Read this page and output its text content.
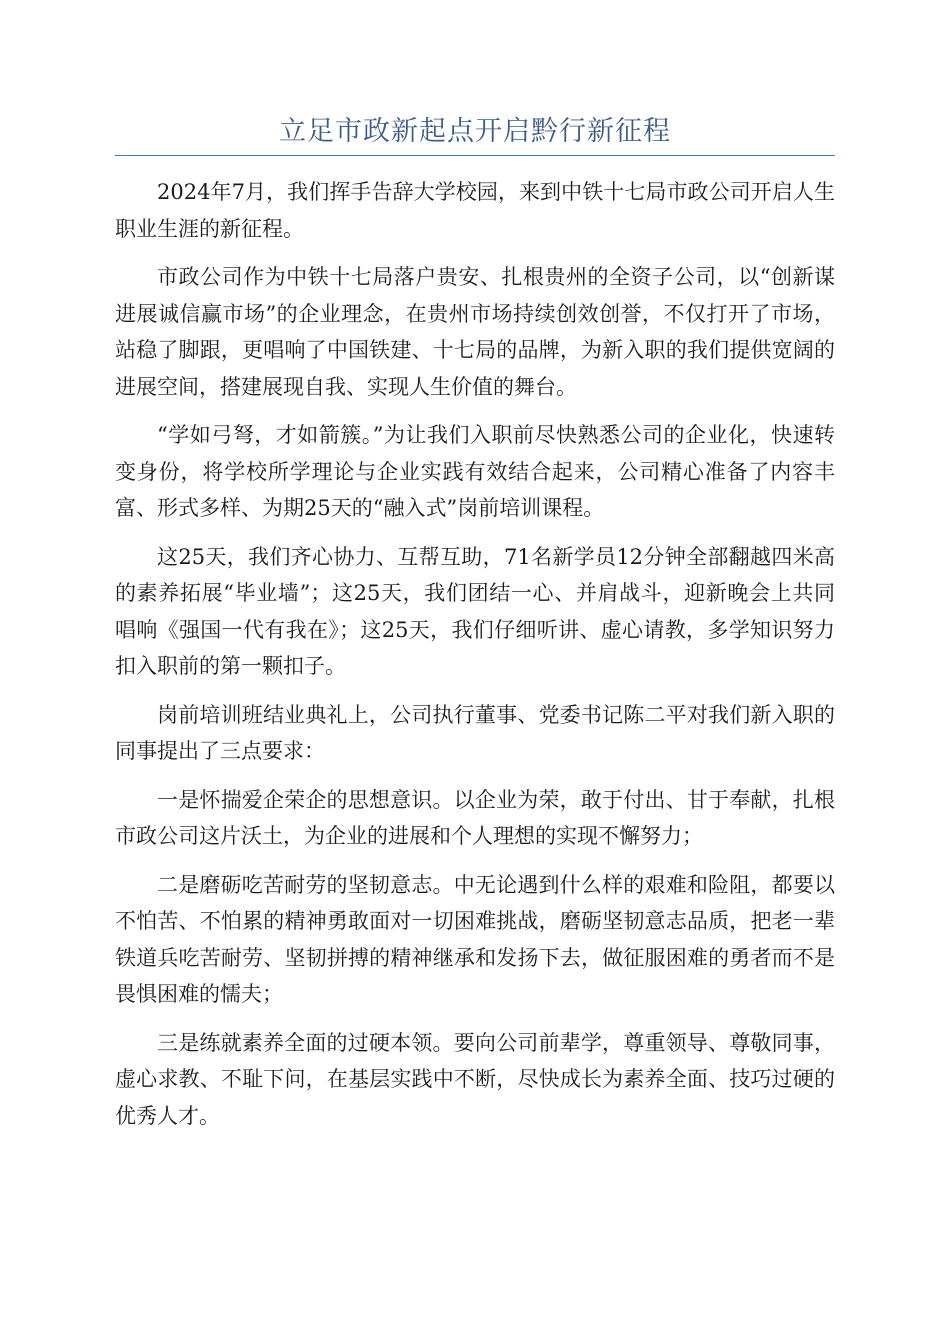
立足市政新起点开启黔行新征程

2024年7月，我们挥手告辞大学校园，来到中铁十七局市政公司开启人生职业生涯的新征程。

市政公司作为中铁十七局落户贵安、扎根贵州的全资子公司，以“创新谋进展诚信赢市场”的企业理念，在贵州市场持续创效创誉，不仅打开了市场，站稳了脚跟，更唱响了中国铁建、十七局的品牌，为新入职的我们提供宽阔的进展空间，搭建展现自我、实现人生价值的舞台。

“学如弓弩，才如箭簇。”为让我们入职前尽快熟悉公司的企业化，快速转变身份，将学校所学理论与企业实践有效结合起来，公司精心准备了内容丰富、形式多样、为期25天的“融入式”岗前培训课程。

这25天，我们齐心协力、互帮互助，71名新学员12分钟全部翻越四米高的素养拓展“毕业墙”；这25天，我们团结一心、并肩战斗，迎新晚会上共同唱响《强国一代有我在》；这25天，我们仔细听讲、虚心请教，多学知识努力扣入职前的第一颗扣子。

岗前培训班结业典礼上，公司执行董事、党委书记陈二平对我们新入职的同事提出了三点要求：

一是怀揣爱企荣企的思想意识。以企业为荣，敢于付出、甘于奉献，扎根市政公司这片沃土，为企业的进展和个人理想的实现不懈努力；

二是磨砺吃苦耐劳的坚韧意志。中无论遇到什么样的艰难和险阻，都要以不怕苦、不怕累的精神勇敢面对一切困难挑战，磨砺坚韧意志品质，把老一辈铁道兵吃苦耐劳、坚韧拼搏的精神继承和发扬下去，做征服困难的勇者而不是畏惧困难的懦夫；

三是练就素养全面的过硬本领。要向公司前辈学，尊重领导、尊敬同事，虚心求教、不耻下问，在基层实践中不断，尽快成长为素养全面、技巧过硬的优秀人才。
